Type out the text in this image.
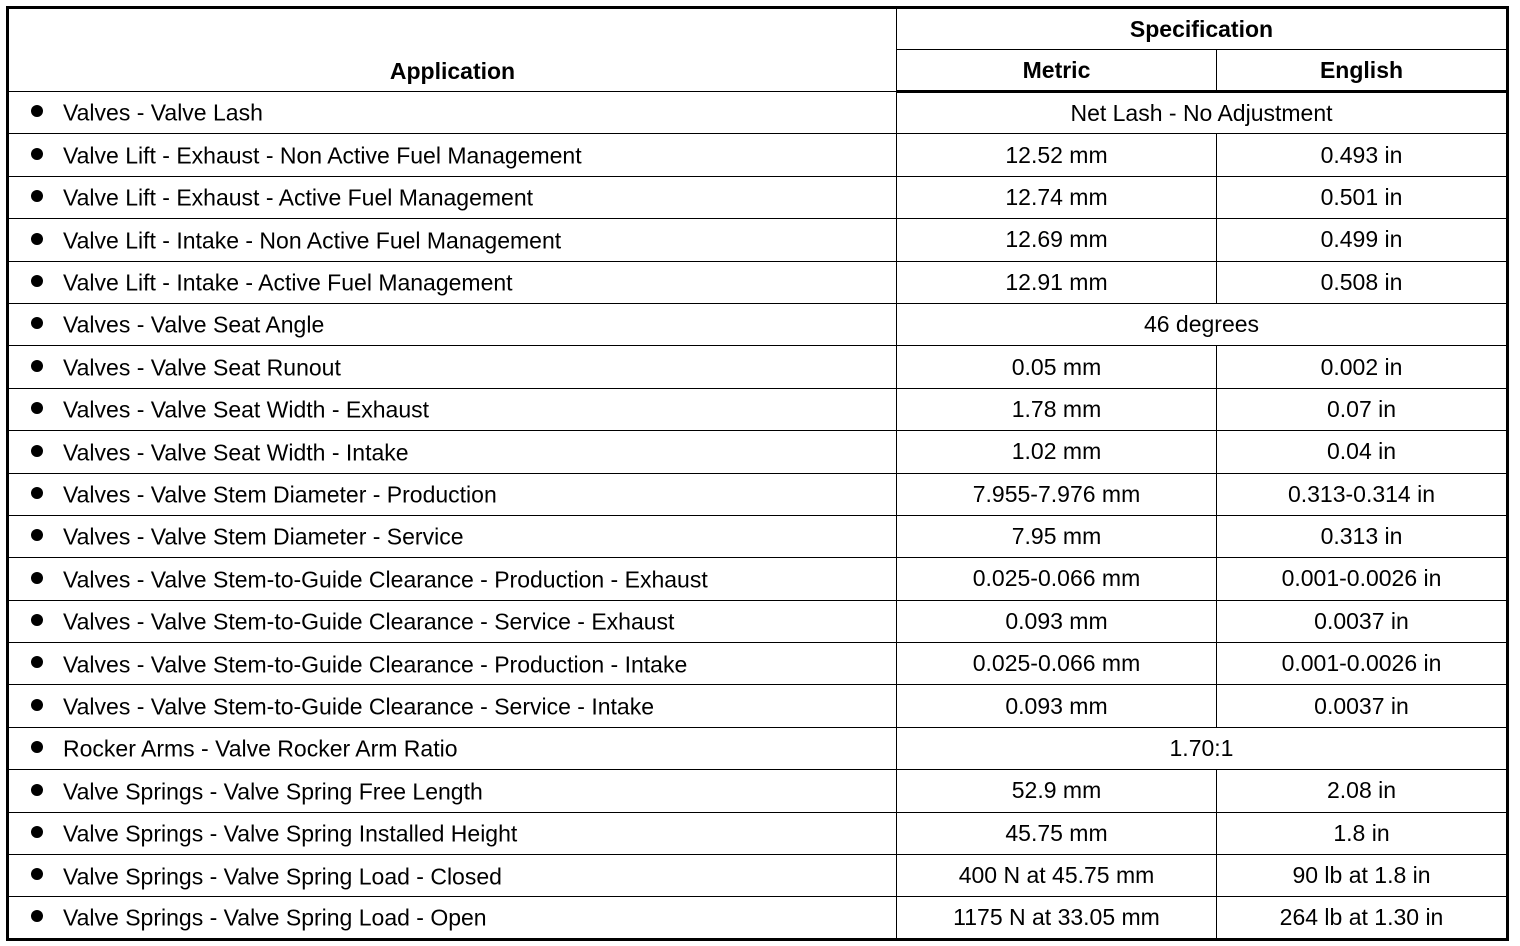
Application	Specification	
	Metric	English
Valves - Valve Lash	Net Lash - No Adjustment	
Valve Lift - Exhaust - Non Active Fuel Management	12.52 mm	0.493 in
Valve Lift - Exhaust - Active Fuel Management	12.74 mm	0.501 in
Valve Lift - Intake - Non Active Fuel Management	12.69 mm	0.499 in
Valve Lift - Intake - Active Fuel Management	12.91 mm	0.508 in
Valves - Valve Seat Angle	46 degrees	
Valves - Valve Seat Runout	0.05 mm	0.002 in
Valves - Valve Seat Width - Exhaust	1.78 mm	0.07 in
Valves - Valve Seat Width - Intake	1.02 mm	0.04 in
Valves - Valve Stem Diameter - Production	7.955-7.976 mm	0.313-0.314 in
Valves - Valve Stem Diameter - Service	7.95 mm	0.313 in
Valves - Valve Stem-to-Guide Clearance - Production - Exhaust	0.025-0.066 mm	0.001-0.0026 in
Valves - Valve Stem-to-Guide Clearance - Service - Exhaust	0.093 mm	0.0037 in
Valves - Valve Stem-to-Guide Clearance - Production - Intake	0.025-0.066 mm	0.001-0.0026 in
Valves - Valve Stem-to-Guide Clearance - Service - Intake	0.093 mm	0.0037 in
Rocker Arms - Valve Rocker Arm Ratio	1.70:1	
Valve Springs - Valve Spring Free Length	52.9 mm	2.08 in
Valve Springs - Valve Spring Installed Height	45.75 mm	1.8 in
Valve Springs - Valve Spring Load - Closed	400 N at 45.75 mm	90 lb at 1.8 in
Valve Springs - Valve Spring Load - Open	1175 N at 33.05 mm	264 lb at 1.30 in
